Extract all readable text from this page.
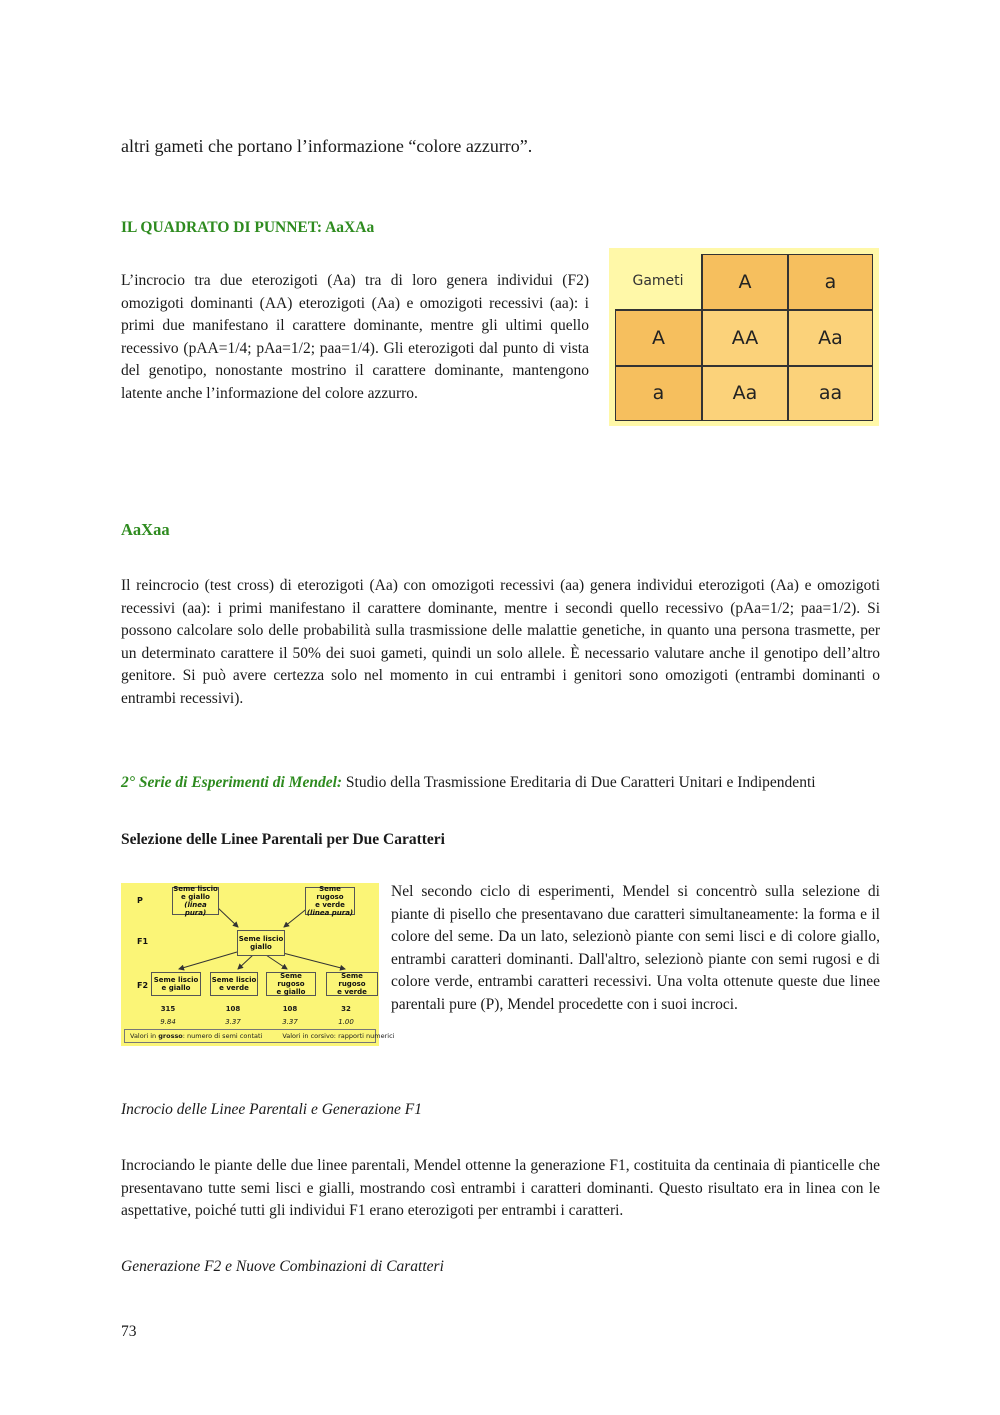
altri gameti che portano l’informazione “colore azzurro”.
IL QUADRATO DI PUNNET: AaXAa
L’incrocio tra due eterozigoti (Aa) tra di loro genera individui (F2) omozigoti dominanti (AA) eterozigoti (Aa) e omozigoti recessivi (aa): i primi due manifestano il carattere dominante, mentre gli ultimi quello recessivo (pAA=1/4; pAa=1/2; paa=1/4). Gli eterozigoti dal punto di vista del genotipo, nonostante mostrino il carattere dominante, mantengono latente anche l’informazione del colore azzurro.
Gameti	A	a
A	AA	Aa
a	Aa	aa
AaXaa
Il reincrocio (test cross) di eterozigoti (Aa) con omozigoti recessivi (aa) genera individui eterozigoti (Aa) e omozigoti recessivi (aa): i primi manifestano il carattere dominante, mentre i secondi quello recessivo (pAa=1/2; paa=1/2). Si possono calcolare solo delle probabilità sulla trasmissione delle malattie genetiche, in quanto una persona trasmette, per un determinato carattere il 50% dei suoi gameti, quindi un solo allele. È necessario valutare anche il genotipo dell’altro genitore. Si può avere certezza solo nel momento in cui entrambi i genitori sono omozigoti (entrambi dominanti o entrambi recessivi).
2° Serie di Esperimenti di Mendel: Studio della Trasmissione Ereditaria di Due Caratteri Unitari e Indipendenti
Selezione delle Linee Parentali per Due Caratteri
P
F1
F2
Seme liscio
e giallo
(linea pura)
Seme rugoso
e verde
(linea pura)
Seme liscio
giallo
Seme liscio
e giallo
Seme liscio
e verde
Seme rugoso
e giallo
Seme rugoso
e verde
315	108	108	32
9.84	3.37	3.37	1.00
Valori in grosso: numero di semi contati	Valori in corsivo: rapporti numerici
Nel secondo ciclo di esperimenti, Mendel si concentrò sulla selezione di piante di pisello che presentavano due caratteri simultaneamente: la forma e il colore del seme. Da un lato, selezionò piante con semi lisci e di colore giallo, entrambi caratteri dominanti. Dall'altro, selezionò piante con semi rugosi e di colore verde, entrambi caratteri recessivi. Una volta ottenute queste due linee parentali pure (P), Mendel procedette con i suoi incroci.
Incrocio delle Linee Parentali e Generazione F1
Incrociando le piante delle due linee parentali, Mendel ottenne la generazione F1, costituita da centinaia di pianticelle che presentavano tutte semi lisci e gialli, mostrando così entrambi i caratteri dominanti. Questo risultato era in linea con le aspettative, poiché tutti gli individui F1 erano eterozigoti per entrambi i caratteri.
Generazione F2 e Nuove Combinazioni di Caratteri
73
